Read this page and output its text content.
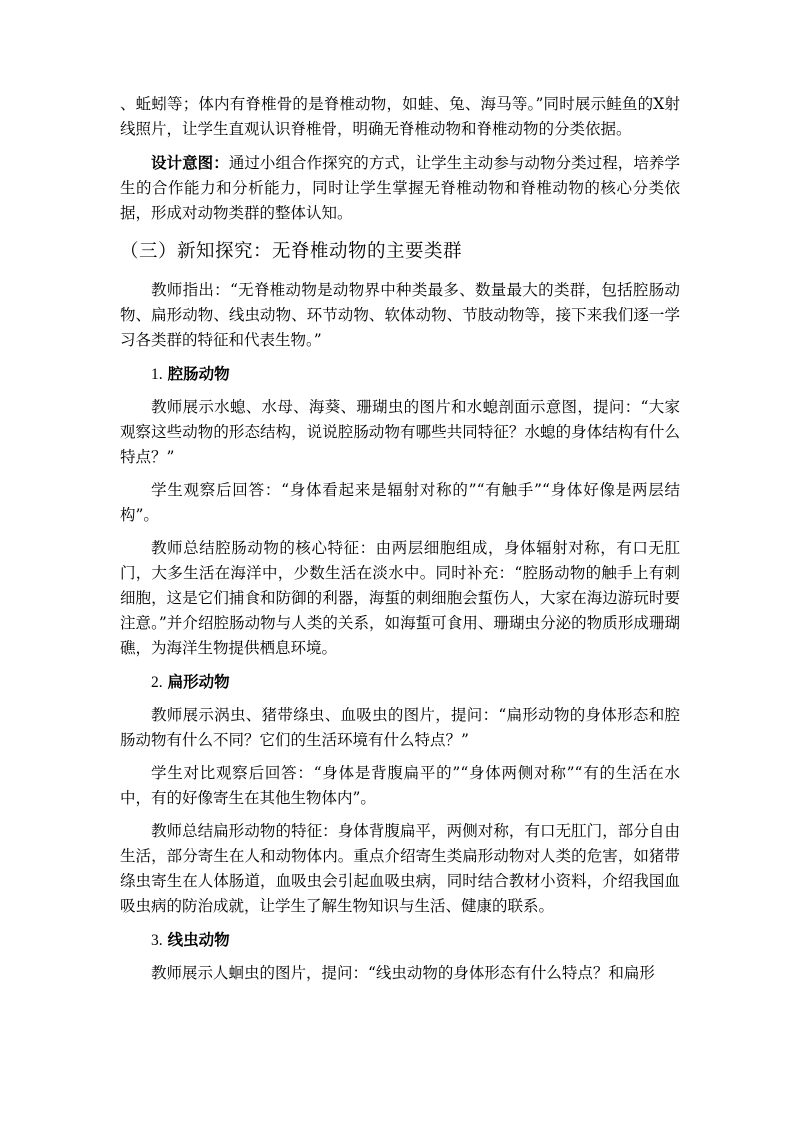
、蚯蚓等；体内有脊椎骨的是脊椎动物，如蛙、兔、海马等。”同时展示鲑鱼的X射线照片，让学生直观认识脊椎骨，明确无脊椎动物和脊椎动物的分类依据。

设计意图：通过小组合作探究的方式，让学生主动参与动物分类过程，培养学生的合作能力和分析能力，同时让学生掌握无脊椎动物和脊椎动物的核心分类依据，形成对动物类群的整体认知。

（三）新知探究：无脊椎动物的主要类群

教师指出：“无脊椎动物是动物界中种类最多、数量最大的类群，包括腔肠动物、扁形动物、线虫动物、环节动物、软体动物、节肢动物等，接下来我们逐一学习各类群的特征和代表生物。”

1. 腔肠动物

教师展示水螅、水母、海葵、珊瑚虫的图片和水螅剖面示意图，提问：“大家观察这些动物的形态结构，说说腔肠动物有哪些共同特征？水螅的身体结构有什么特点？”

学生观察后回答：“身体看起来是辐射对称的”“有触手”“身体好像是两层结构”。

教师总结腔肠动物的核心特征：由两层细胞组成，身体辐射对称，有口无肛门，大多生活在海洋中，少数生活在淡水中。同时补充：“腔肠动物的触手上有刺细胞，这是它们捕食和防御的利器，海蜇的刺细胞会蜇伤人，大家在海边游玩时要注意。”并介绍腔肠动物与人类的关系，如海蜇可食用、珊瑚虫分泌的物质形成珊瑚礁，为海洋生物提供栖息环境。

2. 扁形动物

教师展示涡虫、猪带绦虫、血吸虫的图片，提问：“扁形动物的身体形态和腔肠动物有什么不同？它们的生活环境有什么特点？”

学生对比观察后回答：“身体是背腹扁平的”“身体两侧对称”“有的生活在水中，有的好像寄生在其他生物体内”。

教师总结扁形动物的特征：身体背腹扁平，两侧对称，有口无肛门，部分自由生活，部分寄生在人和动物体内。重点介绍寄生类扁形动物对人类的危害，如猪带绦虫寄生在人体肠道，血吸虫会引起血吸虫病，同时结合教材小资料，介绍我国血吸虫病的防治成就，让学生了解生物知识与生活、健康的联系。

3. 线虫动物

教师展示人蛔虫的图片，提问：“线虫动物的身体形态有什么特点？和扁形
